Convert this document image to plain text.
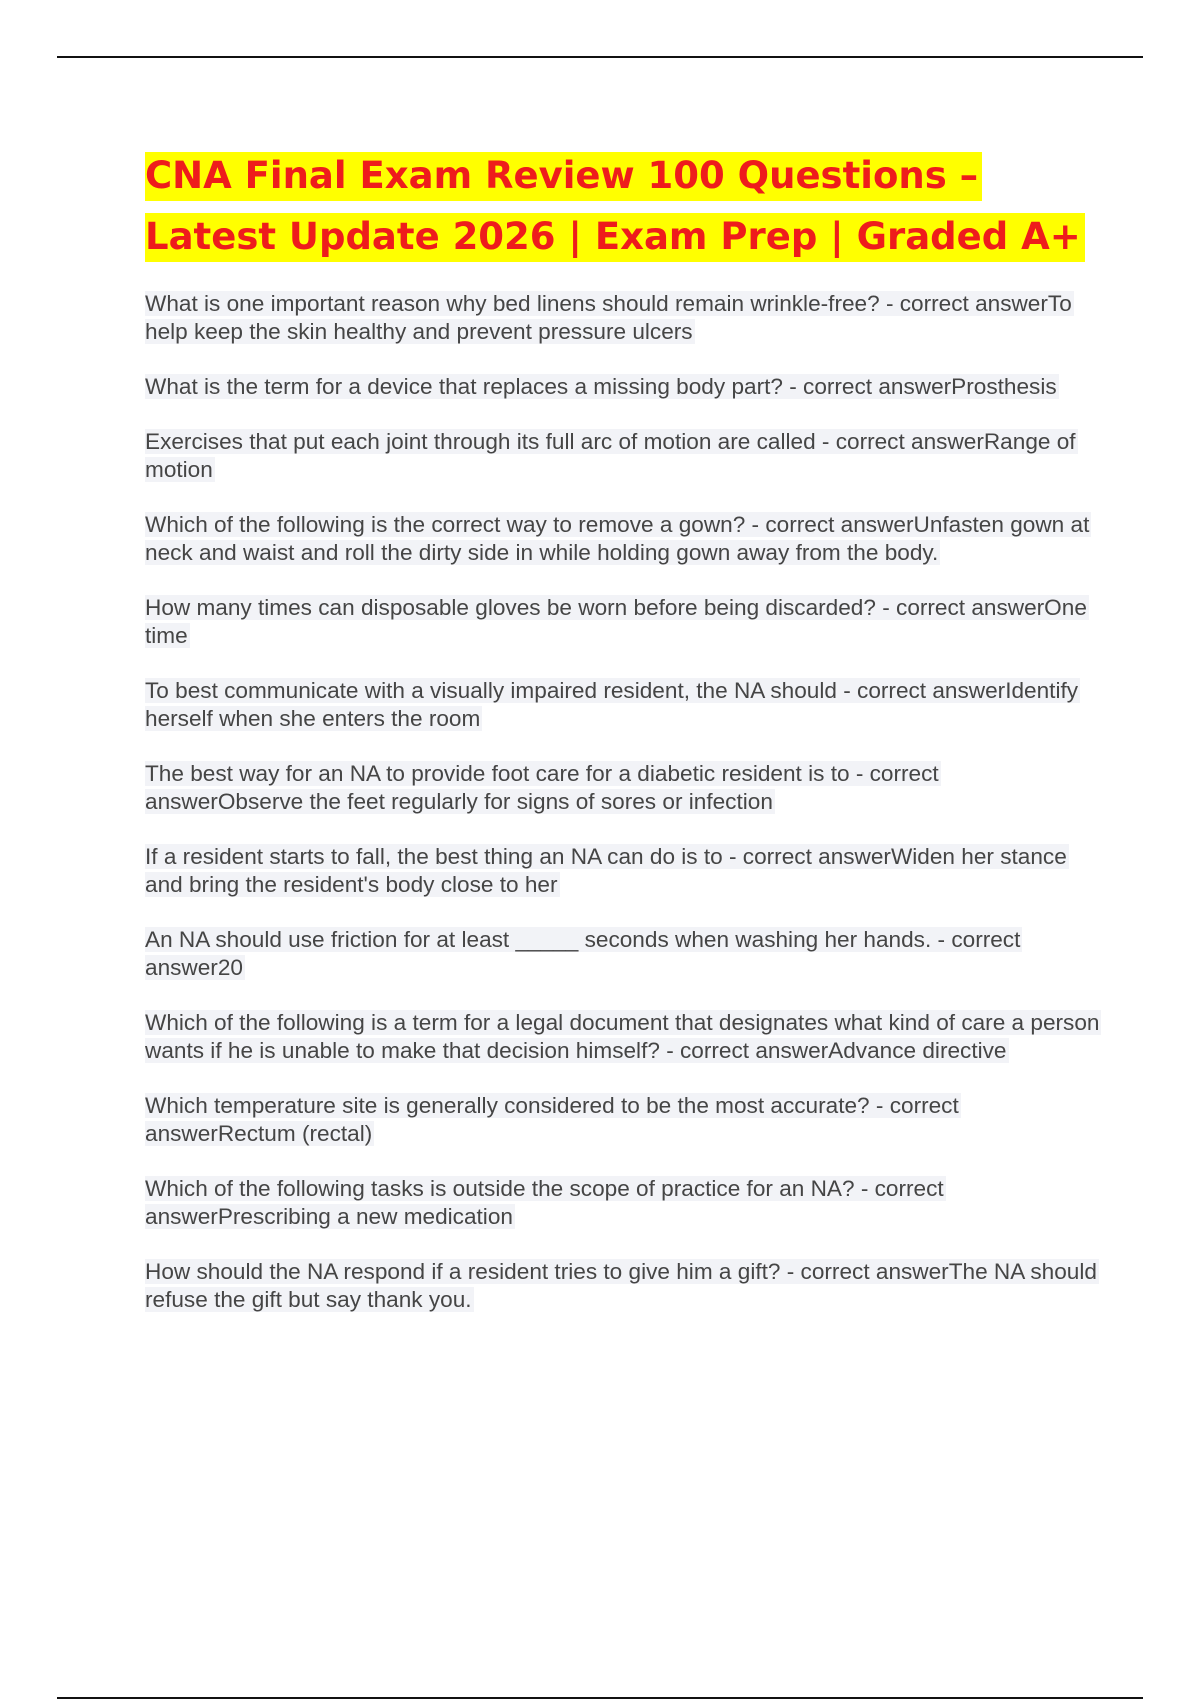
CNA Final Exam Review 100 Questions – Latest Update 2026 | Exam Prep | Graded A+
What is one important reason why bed linens should remain wrinkle-free? - correct answerTo help keep the skin healthy and prevent pressure ulcers
What is the term for a device that replaces a missing body part? - correct answerProsthesis
Exercises that put each joint through its full arc of motion are called - correct answerRange of motion
Which of the following is the correct way to remove a gown? - correct answerUnfasten gown at neck and waist and roll the dirty side in while holding gown away from the body.
How many times can disposable gloves be worn before being discarded? - correct answerOne time
To best communicate with a visually impaired resident, the NA should - correct answerIdentify herself when she enters the room
The best way for an NA to provide foot care for a diabetic resident is to - correct answerObserve the feet regularly for signs of sores or infection
If a resident starts to fall, the best thing an NA can do is to - correct answerWiden her stance and bring the resident's body close to her
An NA should use friction for at least _____ seconds when washing her hands. - correct answer20
Which of the following is a term for a legal document that designates what kind of care a person wants if he is unable to make that decision himself? - correct answerAdvance directive
Which temperature site is generally considered to be the most accurate? - correct answerRectum (rectal)
Which of the following tasks is outside the scope of practice for an NA? - correct answerPrescribing a new medication
How should the NA respond if a resident tries to give him a gift? - correct answerThe NA should refuse the gift but say thank you.
